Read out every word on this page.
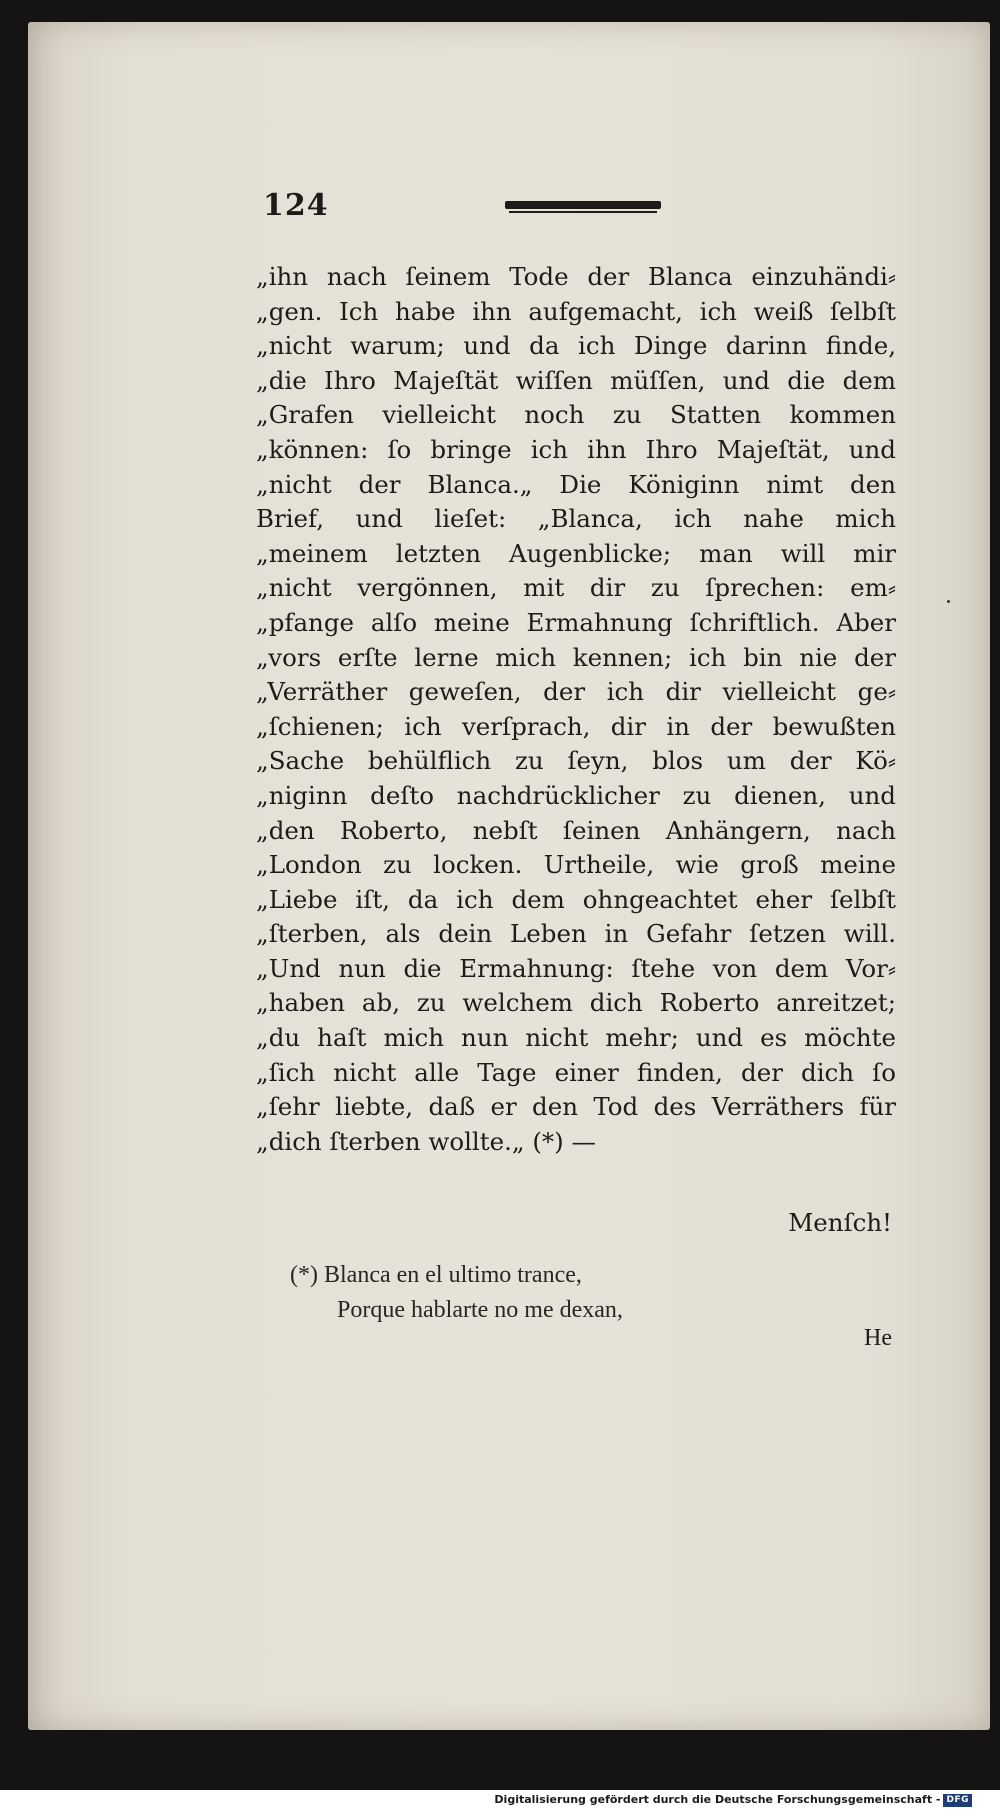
124
„ihn nach ſeinem Tode der Blanca einzuhändi⸗
„gen. Ich habe ihn aufgemacht, ich weiß ſelbſt
„nicht warum; und da ich Dinge darinn finde,
„die Ihro Majeſtät wiſſen müſſen, und die dem
„Grafen vielleicht noch zu Statten kommen
„können: ſo bringe ich ihn Ihro Majeſtät, und
„nicht der Blanca.„ Die Königinn nimt den
Brief, und lieſet: „Blanca, ich nahe mich
„meinem letzten Augenblicke; man will mir
„nicht vergönnen, mit dir zu ſprechen: em⸗
„pfange alſo meine Ermahnung ſchriftlich. Aber
„vors erſte lerne mich kennen; ich bin nie der
„Verräther geweſen, der ich dir vielleicht ge⸗
„ſchienen; ich verſprach, dir in der bewußten
„Sache behülflich zu ſeyn, blos um der Kö⸗
„niginn deſto nachdrücklicher zu dienen, und
„den Roberto, nebſt ſeinen Anhängern, nach
„London zu locken. Urtheile, wie groß meine
„Liebe iſt, da ich dem ohngeachtet eher ſelbſt
„ſterben, als dein Leben in Gefahr ſetzen will.
„Und nun die Ermahnung: ſtehe von dem Vor⸗
„haben ab, zu welchem dich Roberto anreitzet;
„du haſt mich nun nicht mehr; und es möchte
„ſich nicht alle Tage einer finden, der dich ſo
„ſehr liebte, daß er den Tod des Verräthers für
„dich ſterben wollte.„ (*) —
Menſch!
(*) Blanca en el ultimo trance,
Porque hablarte no me dexan,
He
Digitalisierung gefördert durch die Deutsche Forschungsgemeinschaft - DFG
